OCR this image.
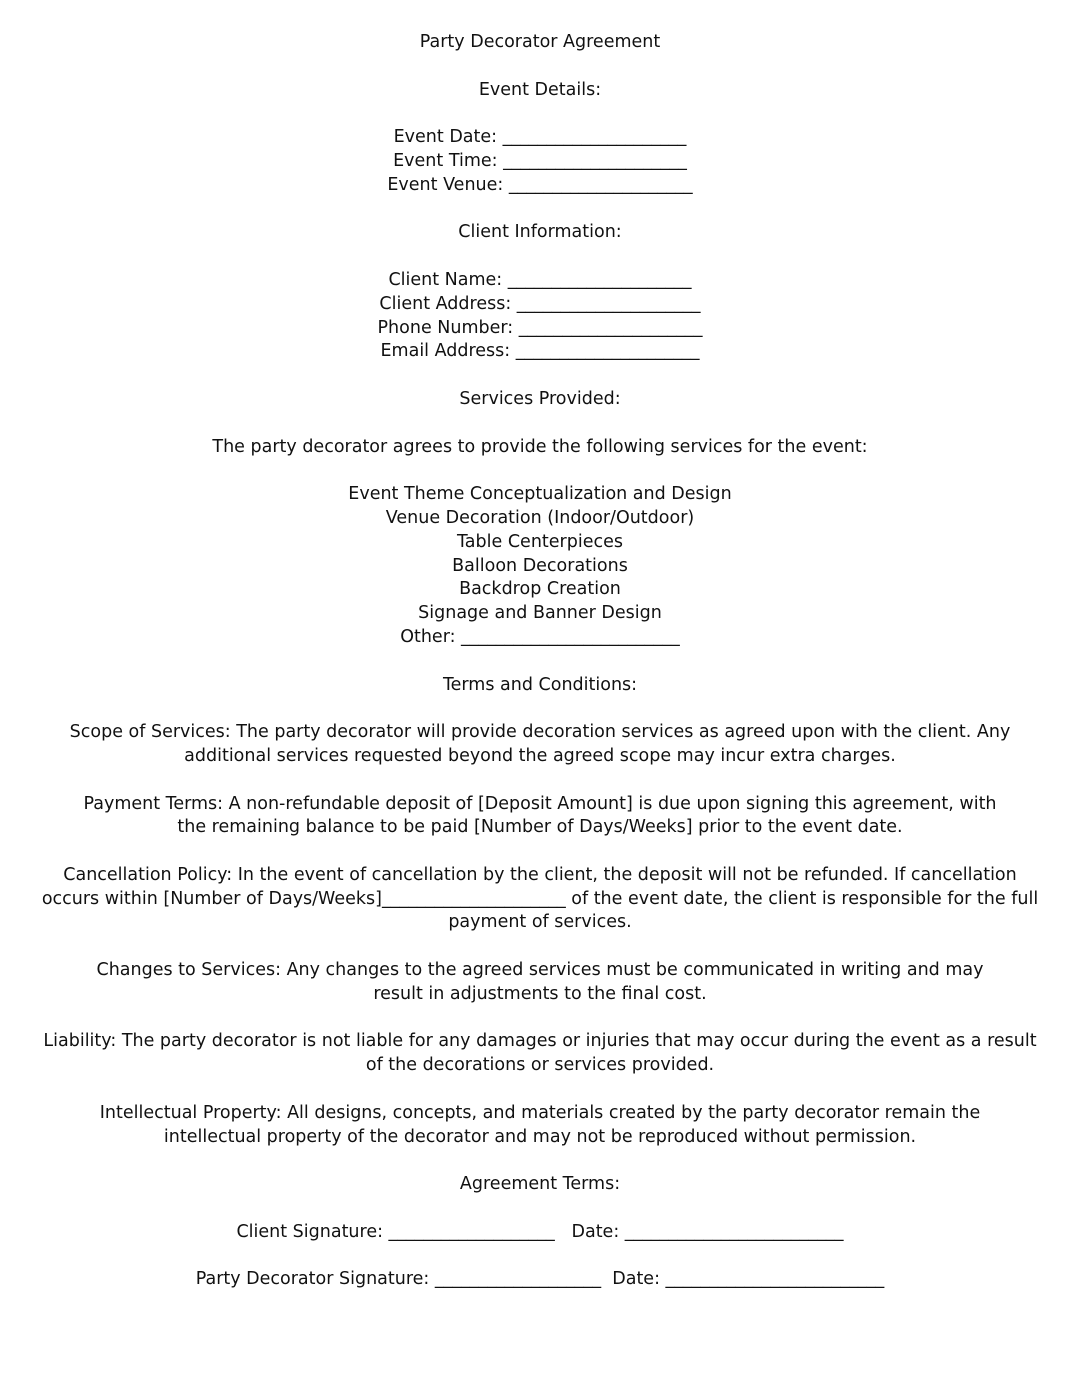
Party Decorator Agreement
Event Details:
Event Date: _____________________
Event Time: _____________________
Event Venue: _____________________
Client Information:
Client Name: _____________________
Client Address: _____________________
Phone Number: _____________________
Email Address: _____________________
Services Provided:
The party decorator agrees to provide the following services for the event:
Event Theme Conceptualization and Design
Venue Decoration (Indoor/Outdoor)
Table Centerpieces
Balloon Decorations
Backdrop Creation
Signage and Banner Design
Other: _________________________
Terms and Conditions:
Scope of Services: The party decorator will provide decoration services as agreed upon with the client. Any additional services requested beyond the agreed scope may incur extra charges.
Payment Terms: A non-refundable deposit of [Deposit Amount] is due upon signing this agreement, with the remaining balance to be paid [Number of Days/Weeks] prior to the event date.
Cancellation Policy: In the event of cancellation by the client, the deposit will not be refunded. If cancellation occurs within [Number of Days/Weeks]_____________________ of the event date, the client is responsible for the full payment of services.
Changes to Services: Any changes to the agreed services must be communicated in writing and may result in adjustments to the final cost.
Liability: The party decorator is not liable for any damages or injuries that may occur during the event as a result of the decorations or services provided.
Intellectual Property: All designs, concepts, and materials created by the party decorator remain the intellectual property of the decorator and may not be reproduced without permission.
Agreement Terms:
Client Signature: ___________________   Date: _________________________
Party Decorator Signature: ___________________  Date: _________________________
